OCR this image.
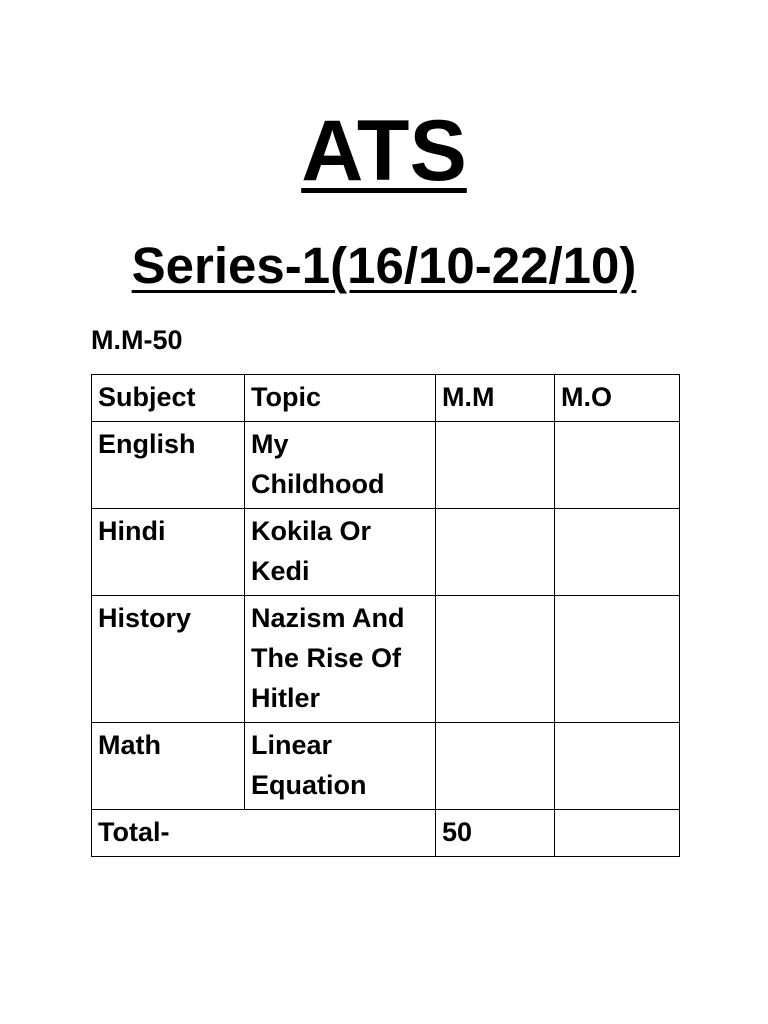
ATS
Series-1(16/10-22/10)
M.M-50
Subject	Topic	M.M	M.O
English	My Childhood		
Hindi	Kokila Or Kedi		
History	Nazism And The Rise Of Hitler		
Math	Linear Equation		
Total-		50	
